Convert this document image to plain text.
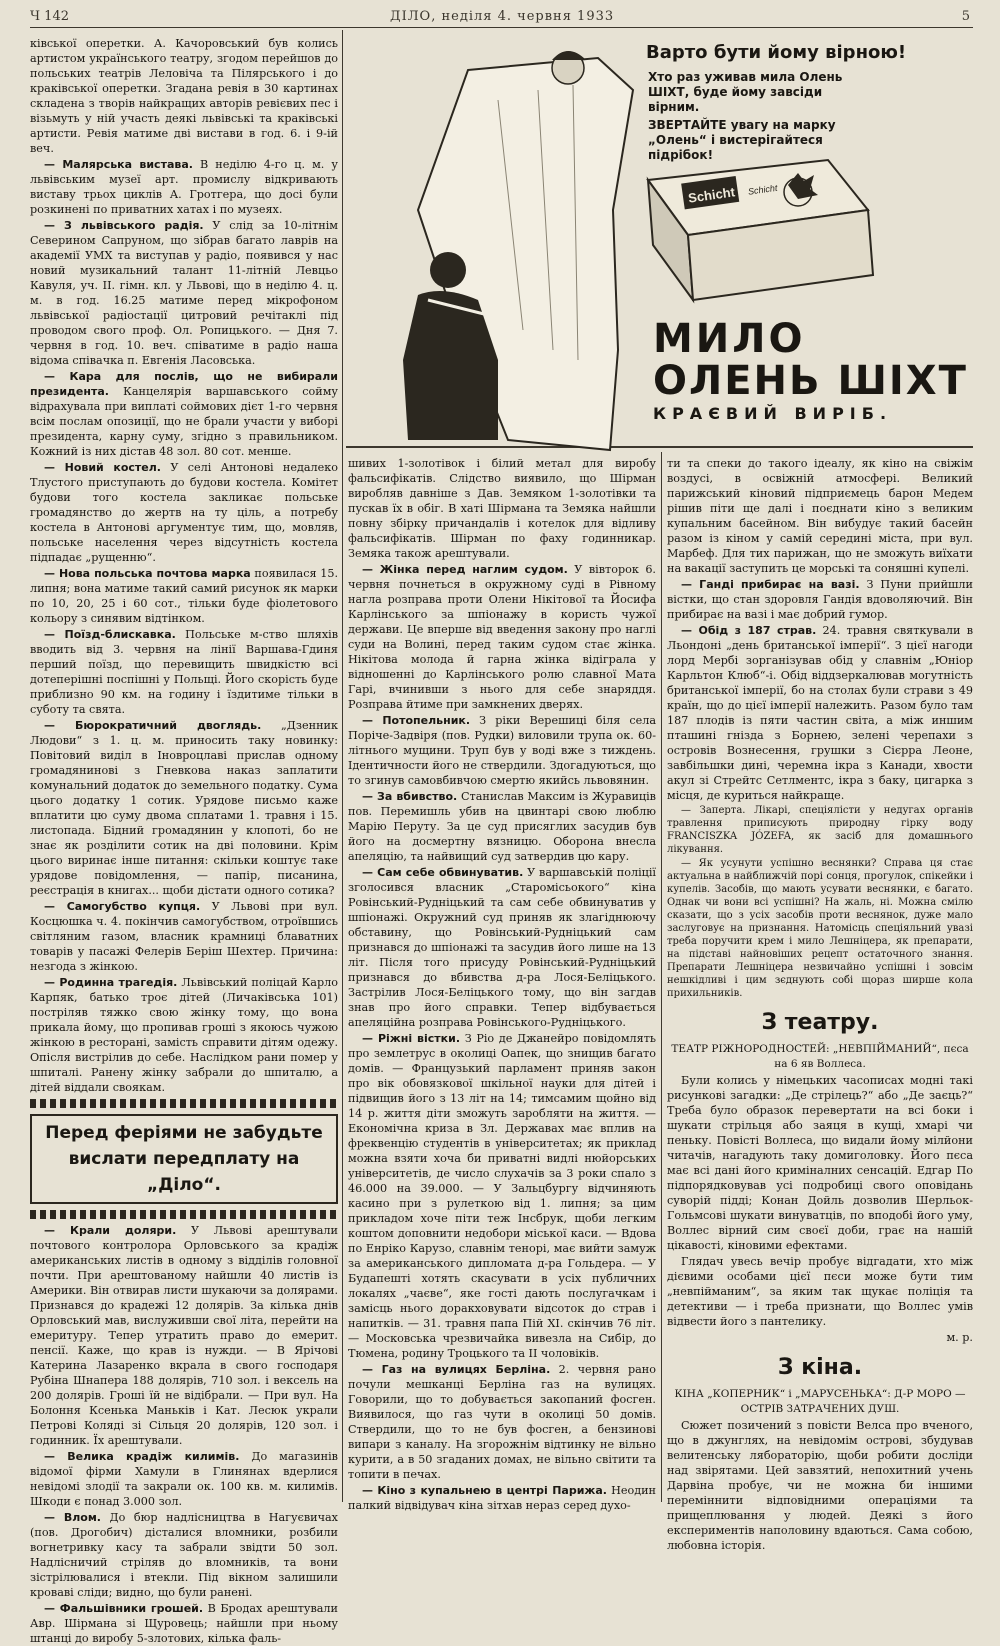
Ч 142	ДІЛО, неділя 4. червня 1933	5

ківської оперетки. А. Качоровський був колись артистом українського театру, згодом перейшов до польських театрів Леловіча та Пілярського і до краківської оперетки. Згадана ревія в 30 картинах складена з творів найкращих авторів ревієвих пес і візьмуть у ній участь деякі львівські та краківські артисти. Ревія матиме дві вистави в год. 6. і 9-ій веч.

— Малярська вистава. В неділю 4-го ц. м. у львівським музеї арт. промислу відкривають виставу трьох циклів А. Гротгера, що досі були розкинені по приватних хатах і по музеях.

— З львівського радія. У слід за 10-літнім Северином Сапруном, що зібрав багато лаврів на академії УМХ та виступав у радіо, появився у нас новий музикальний талант 11-літній Левцьо Кавуля, уч. II. гімн. кл. у Львові, що в неділю 4. ц. м. в год. 16.25 матиме перед мікрофоном львівської радіостації цитровий речітаклі під проводом свого проф. Ол. Ропицького. — Дня 7. червня в год. 10. веч. співатиме в радіо наша відома співачка п. Евгенія Ласовська.

— Кара для послів, що не вибирали президента. Канцелярія варшавського сойму відрахувала при виплаті соймових дієт 1-го червня всім послам опозиції, що не брали участи у виборі президента, карну суму, згідно з правильником. Кожний із них дістав 48 зол. 80 сот. менше.

— Новий костел. У селі Антонові недалеко Тлустого приступають до будови костела. Комітет будови того костела закликає польське громадянство до жертв на ту ціль, а потребу костела в Антонові аргументує тим, що, мовляв, польське населення через відсутність костела підпадає „рущенню“.

— Нова польська почтова марка появилася 15. липня; вона матиме такий самий рисунок як марки по 10, 20, 25 і 60 сот., тільки буде фіолетового кольору з синявим відтінком.

— Поїзд-блискавка. Польське м-ство шляхів вводить від 3. червня на лінії Варшава-Гдиня перший поїзд, що перевищить швидкістю всі дотеперішні поспішні у Польщі. Його скорість буде приблизно 90 км. на годину і їздитиме тільки в суботу та свята.

— Бюрократичний двоглядь. „Дзенник Людови“ з 1. ц. м. приносить таку новинку: Повітовий виділ в Іновроцлаві прислав одному громадянинові з Гневкова наказ заплатити комунальний додаток до земельного податку. Сума цього додатку 1 сотик. Урядове письмо каже вплатити цю суму двома сплатами 1. травня і 15. листопада. Бідний громадянин у клопоті, бо не знає як розділити сотик на дві половини. Крім цього виринає інше питання: скільки коштує таке урядове повідомлення, — папір, писанина, реєстрація в книгах... щоби дістати одного сотика?

— Самогубство купця. У Львові при вул. Косцюшка ч. 4. покінчив самогубством, отроївшись світляним газом, власник крамниці блаватних товарів у пасажі Фелерів Беріш Шехтер. Причина: незгода з жінкою.

— Родинна трагедія. Львівський поліцай Карло Карпяк, батько троє дітей (Личаківська 101) постріляв тяжко свою жінку тому, що вона прикала йому, що пропивав гроші з якоюсь чужою жінкою в ресторані, замість справити дітям одежу. Опісля вистрілив до себе. Наслідком рани помер у шпиталі. Ранену жінку забрали до шпиталю, а дітей віддали своякам.

Перед феріями не забудьте вислати передплату на „Діло“.

— Крали доляри. У Львові арештували почтового контролора Орловського за крадіж американських листів в одному з відділів головної почти. При арештованому найшли 40 листів із Америки. Він отвирав листи шукаючи за долярами. Признався до крадежі 12 долярів. За кілька днів Орловський мав, вислуживши свої літа, перейти на емеритуру. Тепер утратить право до емерит. пенсії. Каже, що крав із нужди. — В Ярічові Катерина Лазаренко вкрала в свого господаря Рубіна Шнапера 188 долярів, 710 зол. і вексель на 200 долярів. Гроші їй не відібрали. — При вул. На Болоння Ксенька Маньків і Кат. Лесюк украли Петрові Коляді зі Сільця 20 долярів, 120 зол. і годинник. Їх арештували.

— Велика крадіж килимів. До магазинів відомої фірми Хамули в Глинянах вдерлися невідомі злодії та закрали ок. 100 кв. м. килимів. Шкоди є понад 3.000 зол.

— Влом. До бюр надлісництва в Нагуєвичах (пов. Дрогобич) дісталися вломники, розбили вогнетривку касу та забрали звідти 50 зол. Надлісничий стріляв до вломників, та вони зістрілювалися і втекли. Під вікном залишили кроваві сліди; видно, що були ранені.

— Фальшівники грошей. В Бродах арештували Авр. Шірмана зі Щуровець; найшли при ньому штанці до виробу 5-злотових, кілька фаль-

Schicht Schicht
Варто бути йому вірною!
Хто раз уживав мила Олень ШІХТ, буде йому завсіди вірним.
ЗВЕРТАЙТЕ увагу на марку „Олень“ і вистерігайтеся підрібок!
МИЛО
ОЛЕНЬ ШІХТ
КРАЄВИЙ ВИРІБ.

шивих 1-золотівок і білий метал для виробу фальсифікатів. Слідство виявило, що Шірман виробляв давніше з Дав. Земяком 1-золотівки та пускав їх в обіг. В хаті Шірмана та Земяка найшли повну збірку причандалів і котелок для відливу фальсифікатів. Шірман по фаху годинникар. Земяка також арештували.

— Жінка перед наглим судом. У вівторок 6. червня почнеться в окружному суді в Рівному нагла розправа проти Олени Нікітової та Йосифа Карлінського за шпіонажу в користь чужої держави. Це вперше від введення закону про наглі суди на Волині, перед таким судом стає жінка. Нікітова молода й гарна жінка відіграла у відношенні до Карлінського ролю славної Мата Гарі, вчинивши з нього для себе знаряддя. Розправа йтиме при замкнених дверях.

— Потопельник. З ріки Верешиці біля села Поріче-Задвіря (пов. Рудки) виловили трупа ок. 60-літнього мущини. Труп був у воді вже з тиждень. Ідентичности його не ствердили. Здогадуються, що то згинув самовбивчою смертю якийсь львовянин.

— За вбивство. Станислав Максим із Журавиців пов. Перемишль убив на цвинтарі свою люблю Марію Перуту. За це суд присяглих засудив був його на досмертну вязницю. Оборона внесла апеляцію, та найвищий суд затвердив цю кару.

— Сам себе обвинуватив. У варшавській поліції зголосився власник „Старомісьокого“ кіна Ровінський-Рудніцький та сам себе обвинуватив у шпіонажі. Окружний суд приняв як злагіднюючу обставину, що Ровінський-Рудніцький сам признався до шпіонажі та засудив його лише на 13 літ. Після того присуду Ровінський-Рудніцький признався до вбивства д-ра Лося-Беліцького. Застрілив Лося-Беліцького тому, що він загдав знав про його справки. Тепер відбувається апеляційна розправа Ровінського-Рудніцького.

— Ріжні вістки. З Ріо де Джанейро повідомлять про землетрус в околиці Оапек, що знищив багато домів. — Французький парламент приняв закон про вік обовязкової шкільної науки для дітей і підвищив його з 13 літ на 14; тимсамим щойно від 14 р. життя діти зможуть заробляти на життя. — Економічна криза в Зл. Державах має вплив на фреквенцію студентів в університетах; як приклад можна взяти хоча би приватні видлі нюйорських університетів, де число слухачів за 3 роки спало з 46.000 на 39.000. — У Зальцбургу відчиняють касино при з рулеткою від 1. липня; за цим прикладом хоче піти теж Інсбрук, щоби легким коштом доповнити недобори міської каси. — Вдова по Енріко Карузо, славнім тенорі, має вийти замуж за американського дипломата д-ра Гольдера. — У Будапешті хотять скасувати в усіх публичних локалях „чаєве“, яке гості дають послугачкам і замісць нього доракховувати відсоток до страв і напитків. — 31. травня папа Пій XI. скінчив 76 літ. — Московська чрезвичайка вивезла на Сибір, до Тюмена, родину Троцького та II чоловіків.

— Газ на вулицях Берліна. 2. червня рано почули мешканці Берліна газ на вулицях. Говорили, що то добувається закопаний фосген. Виявилося, що газ чути в околиці 50 домів. Ствердили, що то не був фосген, а бензинові випари з каналу. На згорожнім відтинку не вільно курити, а в 50 згаданих домах, не вільно світити та топити в печах.

— Кіно з купальнею в центрі Парижа. Неодин палкий відвідувач кіна зітхав нераз серед духо-

ти та спеки до такого ідеалу, як кіно на свіжім воздусі, в освіжній атмосфері. Великий парижський кіновий підприємець барон Медем рішив піти ще далі і поєднати кіно з великим купальним басейном. Він вибудує такий басейн разом із кіном у самій середині міста, при вул. Марбеф. Для тих парижан, що не зможуть виїхати на вакації заступить це морські та соняшні купелі.

— Ганді прибирає на вазі. З Пуни прийшли вістки, що стан здоровля Гандія вдоволяючий. Він прибирає на вазі і має добрий гумор.

— Обід з 187 страв. 24. травня святкували в Льондоні „день британської імперії“. З цієї нагоди лорд Мербі зорганізував обід у славнім „Юніор Карльтон Клюб“-і. Обід віддзеркалював могутність британської імперії, бо на столах були страви з 49 країн, що до цієї імперії належить. Разом було там 187 плодів із пяти частин світа, а між иншим пташині гнізда з Борнею, зелені черепахи з островів Вознесення, грушки з Сієрра Леоне, завбільшки дині, черемна ікра з Канади, хвости акул зі Стрейтс Сетлментс, ікра з баку, цигарка з місця, де куриться найкраще.

— Заперта. Лікарі, спеціялісти у недугах органів травлення приписують природну гірку воду FRANCISZKA JÓZEFA, як засіб для домашнього лікування.

— Як усунути успішно веснянки? Справа ця стає актуальна в найближчій порі сонця, прогулок, спікейки і купелів. Засобів, що мають усувати веснянки, є багато. Однак чи вони всі успішні? На жаль, ні. Можна смілю сказати, що з усіх засобів проти веснянок, дуже мало заслуговує на признання. Натомісць спеціяльний увазі треба поручити крем і мило Лешніцера, як препарати, на підставі найновіших рецепт остаточного знання. Препарати Лешніцера незвичайно успішні і зовсім нешкідливі і цим зєднують собі щораз ширше кола прихильників.

З театру.

ТЕАТР РІЖНОРОДНОСТЕЙ: „НЕВПІЙМАНИЙ“, пєса на 6 яв Воллеса.

Були колись у німецьких часописах модні такі рисункові загадки: „Де стрілець?“ або „Де заєць?“ Треба було образок перевертати на всі боки і шукати стрільця або заяця в кущі, хмарі чи пеньку. Повісті Воллеса, що видали йому мілйони читачів, нагадують таку домиголовку. Його пєса має всі дані його криміналних сенсацій. Едгар По підпорядковував усі подробиці свого оповідань суворій підді; Конан Дойль дозволив Шерльок-Гольмсові шукати винуватців, по вподобі його уму, Воллес вірний сим своєї доби, грає на нашій цікавості, кіновими ефектами.

Глядач увесь вечір пробує відгадати, хто між дієвими особами цієї пєси може бути тим „невпійманим“, за яким так щукає поліція та детективи — і треба признати, що Воллес умів відвести його з пантелику.

м. р.

З кіна.

КІНА „КОПЕРНИК“ і „МАРУСЕНЬКА“: Д-Р МОРО — ОСТРІВ ЗАТРАЧЕНИХ ДУШ.

Сюжет позичений з повісти Велса про вченого, що в джунглях, на невідомім острові, збудував велитенську лябораторію, щоби робити досліди над звірятами. Цей завзятий, непохитний учень Дарвіна пробує, чи не можна би іншими переміннити відповідними операціями та прищеплювання у людей. Деякі з його експериментів наполовину вдаються. Сама собою, любовна історія.
